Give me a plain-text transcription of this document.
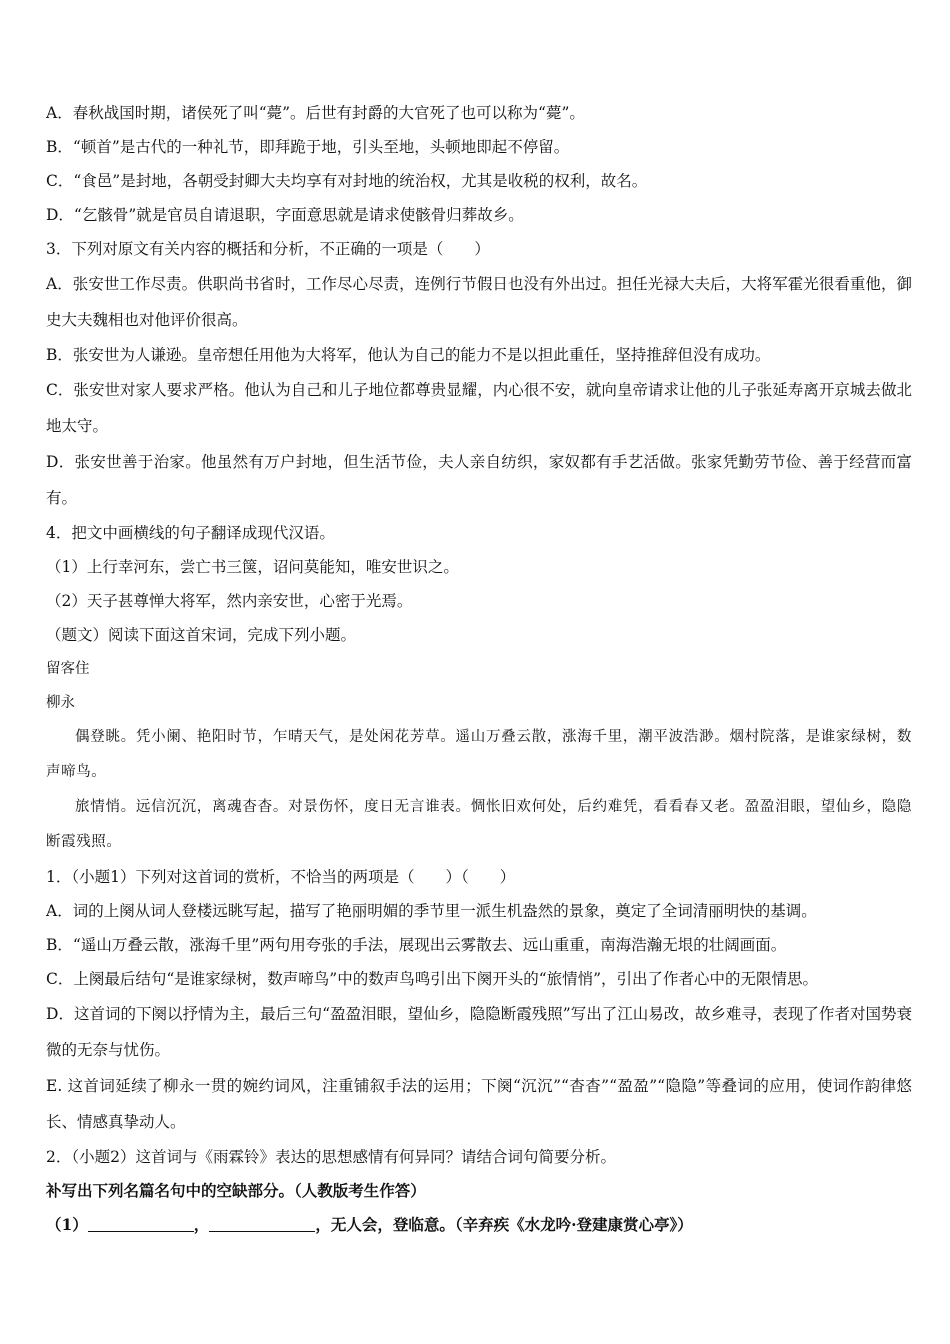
A．春秋战国时期，诸侯死了叫“薨”。后世有封爵的大官死了也可以称为“薨”。
B．“顿首”是古代的一种礼节，即拜跪于地，引头至地，头顿地即起不停留。
C．“食邑”是封地，各朝受封卿大夫均享有对封地的统治权，尤其是收税的权利，故名。
D．“乞骸骨”就是官员自请退职，字面意思就是请求使骸骨归葬故乡。
3．下列对原文有关内容的概括和分析，不正确的一项是（　　）
A．张安世工作尽责。供职尚书省时，工作尽心尽责，连例行节假日也没有外出过。担任光禄大夫后，大将军霍光很看重他，御史大夫魏相也对他评价很高。
B．张安世为人谦逊。皇帝想任用他为大将军，他认为自己的能力不是以担此重任，坚持推辞但没有成功。
C．张安世对家人要求严格。他认为自己和儿子地位都尊贵显耀，内心很不安，就向皇帝请求让他的儿子张延寿离开京城去做北地太守。
D．张安世善于治家。他虽然有万户封地，但生活节俭，夫人亲自纺织，家奴都有手艺活做。张家凭勤劳节俭、善于经营而富有。
4．把文中画横线的句子翻译成现代汉语。
（1）上行幸河东，尝亡书三箧，诏问莫能知，唯安世识之。
（2）天子甚尊惮大将军，然内亲安世，心密于光焉。
（题文）阅读下面这首宋词，完成下列小题。
留客住
柳永
偶登眺。凭小阑、艳阳时节，乍晴天气，是处闲花芳草。遥山万叠云散，涨海千里，潮平波浩渺。烟村院落，是谁家绿树，数声啼鸟。
旅情悄。远信沉沉，离魂杳杳。对景伤怀，度日无言谁表。惆怅旧欢何处，后约难凭，看看春又老。盈盈泪眼，望仙乡，隐隐断霞残照。
1．（小题1）下列对这首词的赏析，不恰当的两项是（　　）（　　）
A．词的上阕从词人登楼远眺写起，描写了艳丽明媚的季节里一派生机盎然的景象，奠定了全词清丽明快的基调。
B．“遥山万叠云散，涨海千里”两句用夸张的手法，展现出云雾散去、远山重重，南海浩瀚无垠的壮阔画面。
C．上阕最后结句“是谁家绿树，数声啼鸟”中的数声鸟鸣引出下阕开头的“旅情悄”，引出了作者心中的无限情思。
D．这首词的下阕以抒情为主，最后三句“盈盈泪眼，望仙乡，隐隐断霞残照”写出了江山易改，故乡难寻，表现了作者对国势衰微的无奈与忧伤。
E. 这首词延续了柳永一贯的婉约词风，注重铺叙手法的运用；下阕“沉沉”“杳杳”“盈盈”“隐隐”等叠词的应用，使词作韵律悠长、情感真挚动人。
2．（小题2）这首词与《雨霖铃》表达的思想感情有何异同？请结合词句简要分析。
补写出下列名篇名句中的空缺部分。（人教版考生作答）
（1）	，	，无人会，登临意。（辛弃疾《水龙吟·登建康赏心亭》）
